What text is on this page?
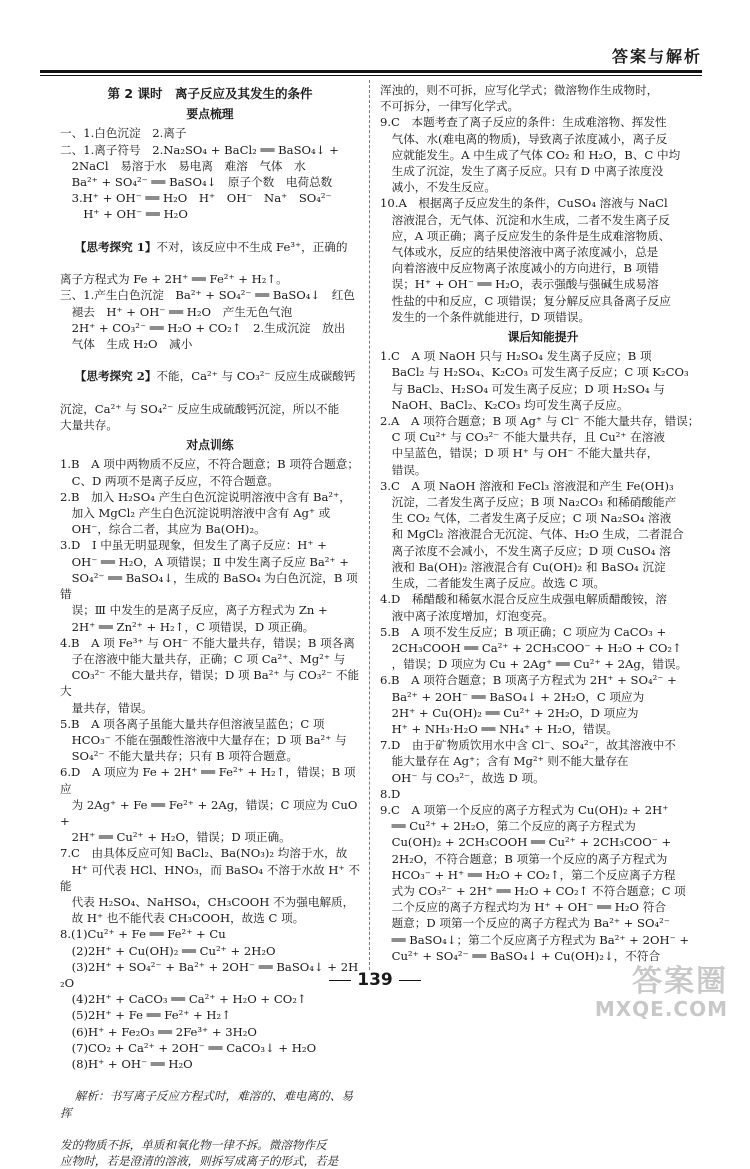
答案与解析
第 2 课时　离子反应及其发生的条件
要点梳理
一、1.白色沉淀　2.离子
二、1.离子符号　2.Na₂SO₄ + BaCl₂ ══ BaSO₄↓ +
　2NaCl　易溶于水　易电离　难溶　气体　水
　Ba²⁺ + SO₄²⁻ ══ BaSO₄↓　原子个数　电荷总数
　3.H⁺ + OH⁻ ══ H₂O　H⁺　OH⁻　Na⁺　SO₄²⁻
　　H⁺ + OH⁻ ══ H₂O

【思考探究 1】不对，该反应中不生成 Fe³⁺，正确的

离子方程式为 Fe + 2H⁺ ══ Fe²⁺ + H₂↑。
三、1.产生白色沉淀　Ba²⁺ + SO₄²⁻ ══ BaSO₄↓　红色
　褪去　H⁺ + OH⁻ ══ H₂O　产生无色气泡
　2H⁺ + CO₃²⁻ ══ H₂O + CO₂↑　2.生成沉淀　放出
　气体　生成 H₂O　减小

【思考探究 2】不能，Ca²⁺ 与 CO₃²⁻ 反应生成碳酸钙

沉淀，Ca²⁺ 与 SO₄²⁻ 反应生成硫酸钙沉淀，所以不能
大量共存。
对点训练
1.B　A 项中两物质不反应，不符合题意；B 项符合题意；
　C、D 两项不是离子反应，不符合题意。
2.B　加入 H₂SO₄ 产生白色沉淀说明溶液中含有 Ba²⁺，
　加入 MgCl₂ 产生白色沉淀说明溶液中含有 Ag⁺ 或
　OH⁻，综合二者，其应为 Ba(OH)₂。
3.D　Ⅰ 中虽无明显现象，但发生了离子反应：H⁺ +
　OH⁻ ══ H₂O，A 项错误；Ⅱ 中发生离子反应 Ba²⁺ +
　SO₄²⁻ ══ BaSO₄↓，生成的 BaSO₄ 为白色沉淀，B 项错
　误；Ⅲ 中发生的是离子反应，离子方程式为 Zn +
　2H⁺ ══ Zn²⁺ + H₂↑，C 项错误，D 项正确。
4.B　A 项 Fe³⁺ 与 OH⁻ 不能大量共存，错误；B 项各离
　子在溶液中能大量共存，正确；C 项 Ca²⁺、Mg²⁺ 与
　CO₃²⁻ 不能大量共存，错误；D 项 Ba²⁺ 与 CO₃²⁻ 不能大
　量共存，错误。
5.B　A 项各离子虽能大量共存但溶液呈蓝色；C 项
　HCO₃⁻ 不能在强酸性溶液中大量存在；D 项 Ba²⁺ 与
　SO₄²⁻ 不能大量共存；只有 B 项符合题意。
6.D　A 项应为 Fe + 2H⁺ ══ Fe²⁺ + H₂↑，错误；B 项应
　为 2Ag⁺ + Fe ══ Fe²⁺ + 2Ag，错误；C 项应为 CuO +
　2H⁺ ══ Cu²⁺ + H₂O，错误；D 项正确。
7.C　由具体反应可知 BaCl₂、Ba(NO₃)₂ 均溶于水，故
　H⁺ 可代表 HCl、HNO₃，而 BaSO₄ 不溶于水故 H⁺ 不能
　代表 H₂SO₄、NaHSO₄，CH₃COOH 不为强电解质，
　故 H⁺ 也不能代表 CH₃COOH，故选 C 项。
8.(1)Cu²⁺ + Fe ══ Fe²⁺ + Cu
　(2)2H⁺ + Cu(OH)₂ ══ Cu²⁺ + 2H₂O
　(3)2H⁺ + SO₄²⁻ + Ba²⁺ + 2OH⁻ ══ BaSO₄↓ + 2H₂O
　(4)2H⁺ + CaCO₃ ══ Ca²⁺ + H₂O + CO₂↑
　(5)2H⁺ + Fe ══ Fe²⁺ + H₂↑
　(6)H⁺ + Fe₂O₃ ══ 2Fe³⁺ + 3H₂O
　(7)CO₂ + Ca²⁺ + 2OH⁻ ══ CaCO₃↓ + H₂O
　(8)H⁺ + OH⁻ ══ H₂O

解析：书写离子反应方程式时，难溶的、难电离的、易挥

发的物质不拆，单质和氧化物一律不拆。微溶物作反
应物时，若是澄清的溶液，则拆写成离子的形式，若是
浑浊的，则不可拆，应写化学式；微溶物作生成物时，
不可拆分，一律写化学式。
9.C　本题考查了离子反应的条件：生成难溶物、挥发性
　气体、水(难电离的物质)，导致离子浓度减小，离子反
　应就能发生。A 中生成了气体 CO₂ 和 H₂O，B、C 中均
　生成了沉淀，发生了离子反应。只有 D 中离子浓度没
　减小，不发生反应。
10.A　根据离子反应发生的条件，CuSO₄ 溶液与 NaCl
　溶液混合，无气体、沉淀和水生成，二者不发生离子反
　应，A 项正确；离子反应发生的条件是生成难溶物质、
　气体或水，反应的结果使溶液中离子浓度减小，总是
　向着溶液中反应物离子浓度减小的方向进行，B 项错
　误；H⁺ + OH⁻ ══ H₂O，表示强酸与强碱生成易溶
　性盐的中和反应，C 项错误；复分解反应具备离子反应
　发生的一个条件就能进行，D 项错误。
课后知能提升
1.C　A 项 NaOH 只与 H₂SO₄ 发生离子反应；B 项
　BaCl₂ 与 H₂SO₄、K₂CO₃ 可发生离子反应；C 项 K₂CO₃
　与 BaCl₂、H₂SO₄ 可发生离子反应；D 项 H₂SO₄ 与
　NaOH、BaCl₂、K₂CO₃ 均可发生离子反应。
2.A　A 项符合题意；B 项 Ag⁺ 与 Cl⁻ 不能大量共存，错误；
　C 项 Cu²⁺ 与 CO₃²⁻ 不能大量共存，且 Cu²⁺ 在溶液
　中呈蓝色，错误；D 项 H⁺ 与 OH⁻ 不能大量共存，
　错误。
3.C　A 项 NaOH 溶液和 FeCl₃ 溶液混和产生 Fe(OH)₃
　沉淀，二者发生离子反应；B 项 Na₂CO₃ 和稀硝酸能产
　生 CO₂ 气体，二者发生离子反应；C 项 Na₂SO₄ 溶液
　和 MgCl₂ 溶液混合无沉淀、气体、H₂O 生成，二者混合
　离子浓度不会减小，不发生离子反应；D 项 CuSO₄ 溶
　液和 Ba(OH)₂ 溶液混合有 Cu(OH)₂ 和 BaSO₄ 沉淀
　生成，二者能发生离子反应。故选 C 项。
4.D　稀醋酸和稀氨水混合反应生成强电解质醋酸铵，溶
　液中离子浓度增加，灯泡变亮。
5.B　A 项不发生反应；B 项正确；C 项应为 CaCO₃ +
　2CH₃COOH ══ Ca²⁺ + 2CH₃COO⁻ + H₂O + CO₂↑
　，错误；D 项应为 Cu + 2Ag⁺ ══ Cu²⁺ + 2Ag，错误。
6.B　A 项符合题意；B 项离子方程式为 2H⁺ + SO₄²⁻ +
　Ba²⁺ + 2OH⁻ ══ BaSO₄↓ + 2H₂O，C 项应为
　2H⁺ + Cu(OH)₂ ══ Cu²⁺ + 2H₂O，D 项应为
　H⁺ + NH₃·H₂O ══ NH₄⁺ + H₂O，错误。
7.D　由于矿物质饮用水中含 Cl⁻、SO₄²⁻，故其溶液中不
　能大量存在 Ag⁺；含有 Mg²⁺ 则不能大量存在
　OH⁻ 与 CO₃²⁻，故选 D 项。
8.D
9.C　A 项第一个反应的离子方程式为 Cu(OH)₂ + 2H⁺
　══ Cu²⁺ + 2H₂O，第二个反应的离子方程式为
　Cu(OH)₂ + 2CH₃COOH ══ Cu²⁺ + 2CH₃COO⁻ +
　2H₂O，不符合题意；B 项第一个反应的离子方程式为
　HCO₃⁻ + H⁺ ══ H₂O + CO₂↑，第二个反应离子方程
　式为 CO₃²⁻ + 2H⁺ ══ H₂O + CO₂↑ 不符合题意；C 项
　二个反应的离子方程式均为 H⁺ + OH⁻ ══ H₂O 符合
　题意；D 项第一个反应的离子方程式为 Ba²⁺ + SO₄²⁻
　══ BaSO₄↓；第二个反应离子方程式为 Ba²⁺ + 2OH⁻ +
　Cu²⁺ + SO₄²⁻ ══ BaSO₄↓ + Cu(OH)₂↓，不符合
139	答案圈
MXQE.COM
